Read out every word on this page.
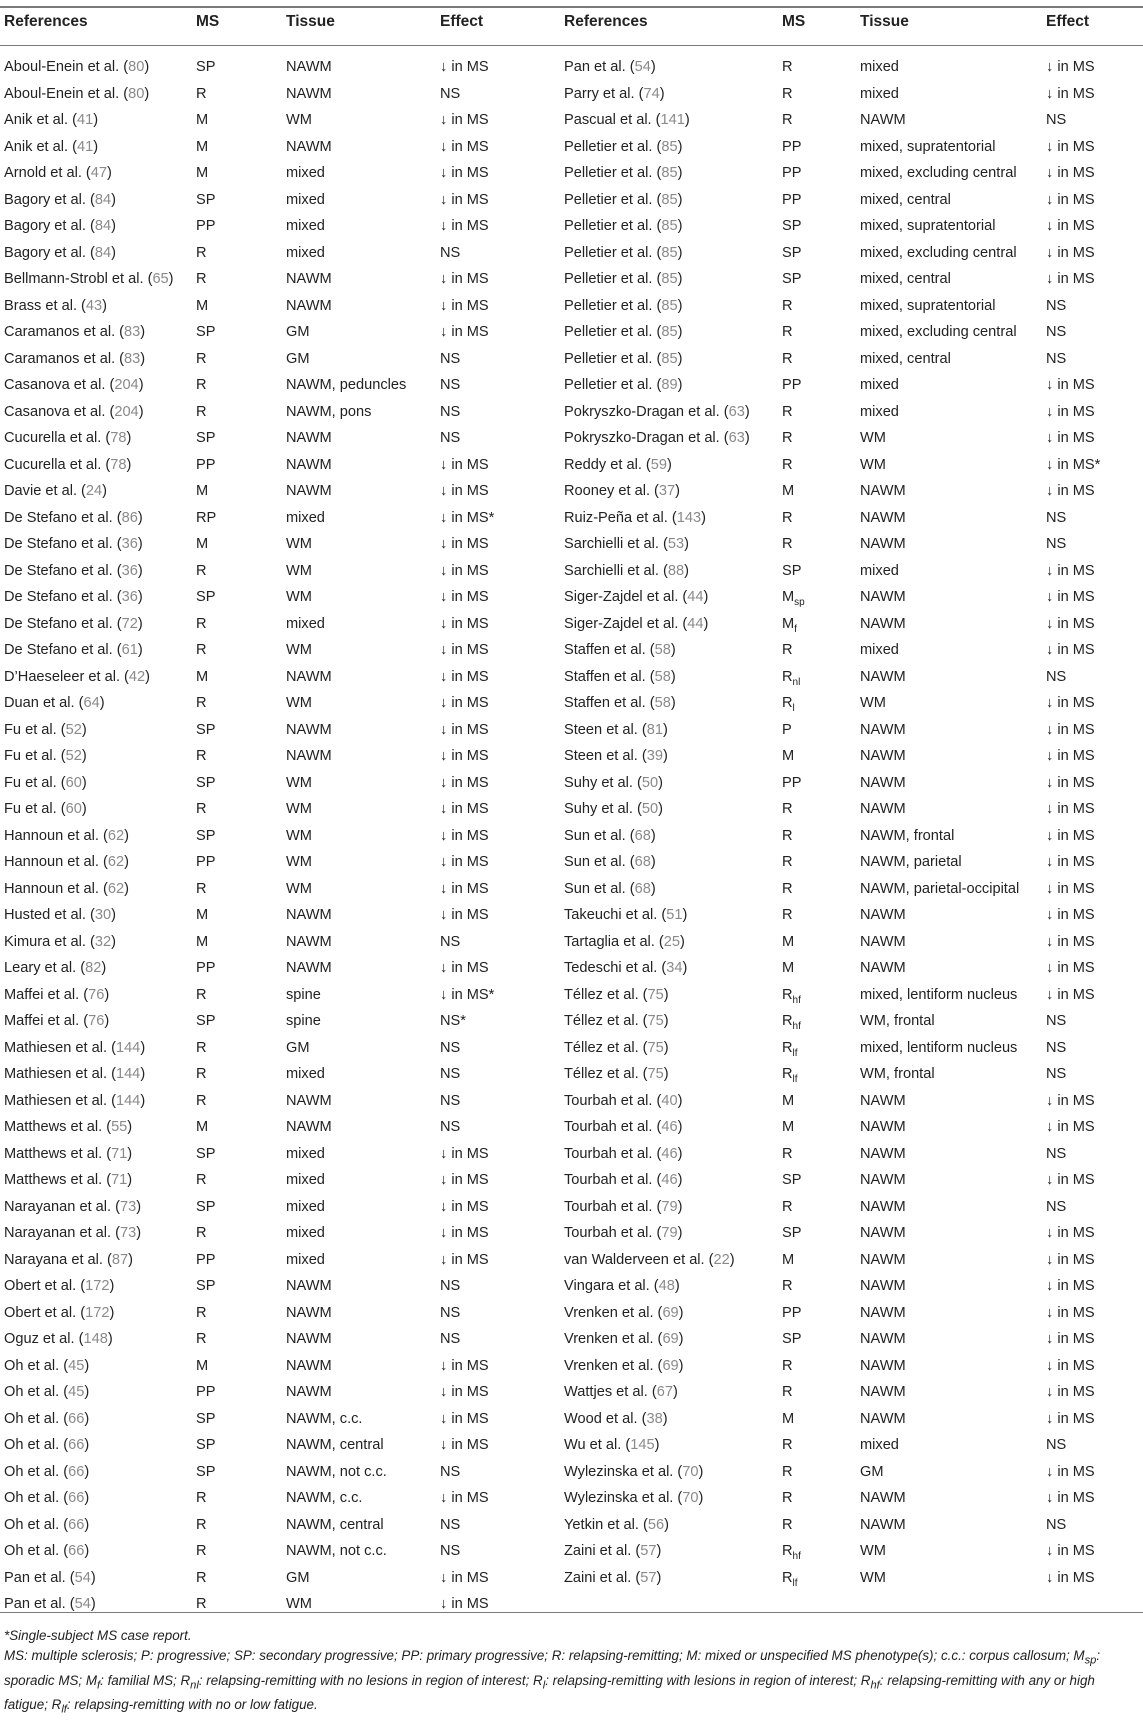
References	MS	Tissue	Effect	References	MS	Tissue	Effect
Aboul-Enein et al. (80)	SP	NAWM	↓ in MS	Pan et al. (54)	R	mixed	↓ in MS
Aboul-Enein et al. (80)	R	NAWM	NS	Parry et al. (74)	R	mixed	↓ in MS
Anik et al. (41)	M	WM	↓ in MS	Pascual et al. (141)	R	NAWM	NS
Anik et al. (41)	M	NAWM	↓ in MS	Pelletier et al. (85)	PP	mixed, supratentorial	↓ in MS
Arnold et al. (47)	M	mixed	↓ in MS	Pelletier et al. (85)	PP	mixed, excluding central ↓ in MS
Bagory et al. (84)	SP	mixed	↓ in MS	Pelletier et al. (85)	PP	mixed, central	↓ in MS
Bagory et al. (84)	PP	mixed	↓ in MS	Pelletier et al. (85)	SP	mixed, supratentorial	↓ in MS
Bagory et al. (84)	R	mixed	NS	Pelletier et al. (85)	SP	mixed, excluding central ↓ in MS
Bellmann-Strobl et al. (65) R	NAWM	↓ in MS	Pelletier et al. (85)	SP	mixed, central	↓ in MS
Brass et al. (43)	M	NAWM	↓ in MS	Pelletier et al. (85)	R	mixed, supratentorial	NS
Caramanos et al. (83)	SP	GM	↓ in MS	Pelletier et al. (85)	R	mixed, excluding central NS
Caramanos et al. (83)	R	GM	NS	Pelletier et al. (85)	R	mixed, central	NS
Casanova et al. (204)	R	NAWM, peduncles NS	Pelletier et al. (89)	PP	mixed	↓ in MS
Casanova et al. (204)	R	NAWM, pons	NS	Pokryszko-Dragan et al. (63) R	mixed	↓ in MS
Cucurella et al. (78)	SP	NAWM	NS	Pokryszko-Dragan et al. (63) R	WM	↓ in MS
Cucurella et al. (78)	PP	NAWM	↓ in MS	Reddy et al. (59)	R	WM	↓ in MS*
Davie et al. (24)	M	NAWM	↓ in MS	Rooney et al. (37)	M	NAWM	↓ in MS
De Stefano et al. (86)	RP	mixed	↓ in MS*	Ruiz-Peña et al. (143)	R	NAWM	NS
De Stefano et al. (36)	M	WM	↓ in MS	Sarchielli et al. (53)	R	NAWM	NS
De Stefano et al. (36)	R	WM	↓ in MS	Sarchielli et al. (88)	SP	mixed	↓ in MS
De Stefano et al. (36)	SP	WM	↓ in MS	Siger-Zajdel et al. (44)	$M_{sp}$	NAWM	↓ in MS
De Stefano et al. (72)	R	mixed	↓ in MS	Siger-Zajdel et al. (44)	$M_f$	NAWM	↓ in MS
De Stefano et al. (61)	R	WM	↓ in MS	Staffen et al. (58)	R	mixed	↓ in MS
D’Haeseleer et al. (42)	M	NAWM	↓ in MS	Staffen et al. (58)	$R_{nl}$	NAWM	NS
Duan et al. (64)	R	WM	↓ in MS	Staffen et al. (58)	$R_l$	WM	↓ in MS
Fu et al. (52)	SP	NAWM	↓ in MS	Steen et al. (81)	P	NAWM	↓ in MS
Fu et al. (52)	R	NAWM	↓ in MS	Steen et al. (39)	M	NAWM	↓ in MS
Fu et al. (60)	SP	WM	↓ in MS	Suhy et al. (50)	PP	NAWM	↓ in MS
Fu et al. (60)	R	WM	↓ in MS	Suhy et al. (50)	R	NAWM	↓ in MS
Hannoun et al. (62)	SP	WM	↓ in MS	Sun et al. (68)	R	NAWM, frontal	↓ in MS
Hannoun et al. (62)	PP	WM	↓ in MS	Sun et al. (68)	R	NAWM, parietal	↓ in MS
Hannoun et al. (62)	R	WM	↓ in MS	Sun et al. (68)	R	NAWM, parietal-occipital ↓ in MS
Husted et al. (30)	M	NAWM	↓ in MS	Takeuchi et al. (51)	R	NAWM	↓ in MS
Kimura et al. (32)	M	NAWM	NS	Tartaglia et al. (25)	M	NAWM	↓ in MS
Leary et al. (82)	PP	NAWM	↓ in MS	Tedeschi et al. (34)	M	NAWM	↓ in MS
Maffei et al. (76)	R	spine	↓ in MS*	Téllez et al. (75)	$R_{hf}$	mixed, lentiform nucleus ↓ in MS
Maffei et al. (76)	SP	spine	NS*	Téllez et al. (75)	$R_{hf}$	WM, frontal	NS
Mathiesen et al. (144)	R	GM	NS	Téllez et al. (75)	$R_{lf}$	mixed, lentiform nucleus NS
Mathiesen et al. (144)	R	mixed	NS	Téllez et al. (75)	$R_{lf}$	WM, frontal	NS
Mathiesen et al. (144)	R	NAWM	NS	Tourbah et al. (40)	M	NAWM	↓ in MS
Matthews et al. (55)	M	NAWM	NS	Tourbah et al. (46)	M	NAWM	↓ in MS
Matthews et al. (71)	SP	mixed	↓ in MS	Tourbah et al. (46)	R	NAWM	NS
Matthews et al. (71)	R	mixed	↓ in MS	Tourbah et al. (46)	SP	NAWM	↓ in MS
Narayanan et al. (73)	SP	mixed	↓ in MS	Tourbah et al. (79)	R	NAWM	NS
Narayanan et al. (73)	R	mixed	↓ in MS	Tourbah et al. (79)	SP	NAWM	↓ in MS
Narayana et al. (87)	PP	mixed	↓ in MS	van Walderveen et al. (22)	M	NAWM	↓ in MS
Obert et al. (172)	SP	NAWM	NS	Vingara et al. (48)	R	NAWM	↓ in MS
Obert et al. (172)	R	NAWM	NS	Vrenken et al. (69)	PP	NAWM	↓ in MS
Oguz et al. (148)	R	NAWM	NS	Vrenken et al. (69)	SP	NAWM	↓ in MS
Oh et al. (45)	M	NAWM	↓ in MS	Vrenken et al. (69)	R	NAWM	↓ in MS
Oh et al. (45)	PP	NAWM	↓ in MS	Wattjes et al. (67)	R	NAWM	↓ in MS
Oh et al. (66)	SP	NAWM, c.c.	↓ in MS	Wood et al. (38)	M	NAWM	↓ in MS
Oh et al. (66)	SP	NAWM, central	↓ in MS	Wu et al. (145)	R	mixed	NS
Oh et al. (66)	SP	NAWM, not c.c.	NS	Wylezinska et al. (70)	R	GM	↓ in MS
Oh et al. (66)	R	NAWM, c.c.	↓ in MS	Wylezinska et al. (70)	R	NAWM	↓ in MS
Oh et al. (66)	R	NAWM, central	NS	Yetkin et al. (56)	R	NAWM	NS
Oh et al. (66)	R	NAWM, not c.c.	NS	Zaini et al. (57)	$R_{hf}$	WM	↓ in MS
Pan et al. (54)	R	GM	↓ in MS	Zaini et al. (57)	$R_{lf}$	WM	↓ in MS
Pan et al. (54)	R	WM	↓ in MS

*Single-subject MS case report.

MS: multiple sclerosis; P: progressive; SP: secondary progressive; PP: primary progressive; R: relapsing-remitting; M: mixed or unspecified MS phenotype(s); c.c.: corpus callosum; $M_{sp}$: sporadic MS; $M_f$: familial MS; $R_{nl}$: relapsing-remitting with no lesions in region of interest; $R_l$: relapsing-remitting with lesions in region of interest; $R_{hf}$: relapsing-remitting with any or high fatigue; $R_{lf}$: relapsing-remitting with no or low fatigue.
